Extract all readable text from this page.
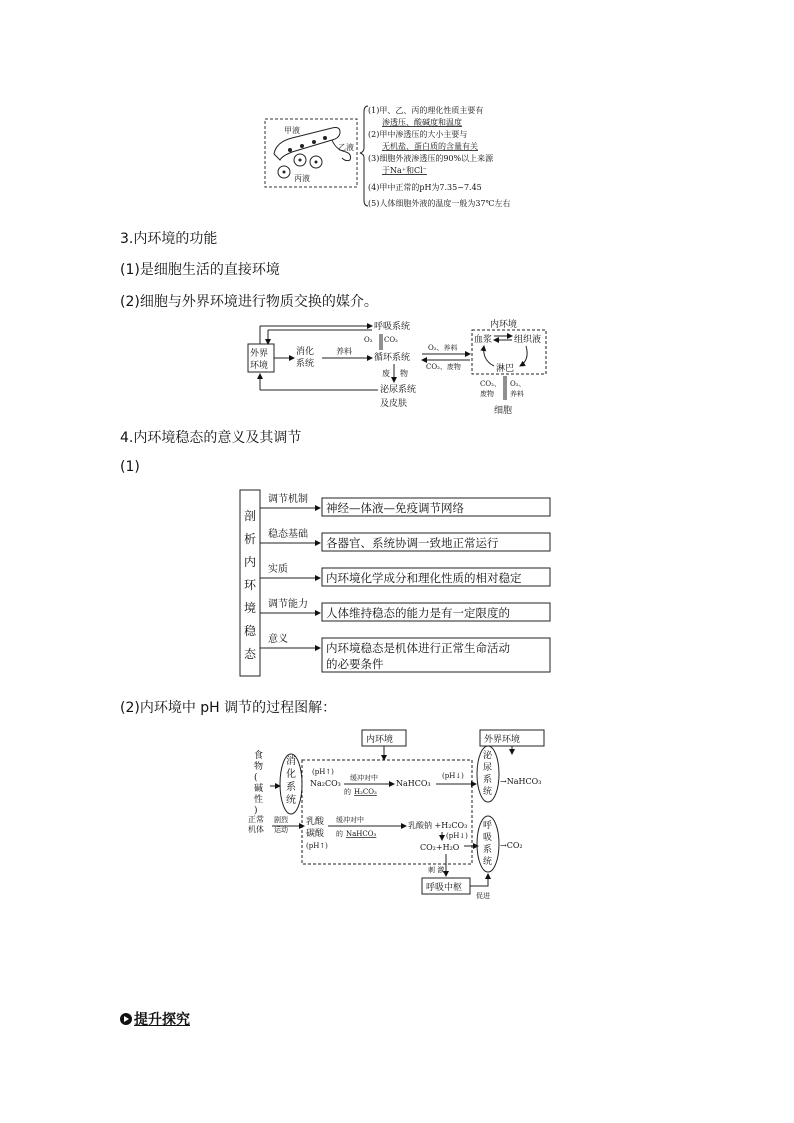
甲液
乙液
丙液
(1)甲、乙、丙的理化性质主要有
渗透压、酸碱度和温度
(2)甲中渗透压的大小主要与
无机盐、蛋白质的含量有关
(3)细胞外液渗透压的90%以上来源
于Na⁺和Cl⁻
(4)甲中正常的pH为7.35~7.45
(5)人体细胞外液的温度一般为37℃左右
3.内环境的功能
(1)是细胞生活的直接环境
(2)细胞与外界环境进行物质交换的媒介。
外界
环境
消化
系统
养料
呼吸系统
O₂ CO₂
循环系统
O₂、养料
CO₂、废物
废 物
泌尿系统
及皮肤
内环境
血浆 组织液
淋巴
CO₂、
废物
O₂、
养料
细胞
4.内环境稳态的意义及其调节
(1)
剖
析
内
环
境
稳
态
调节机制
神经—体液—免疫调节网络
稳态基础
各器官、系统协调一致地正常运行
实质
内环境化学成分和理化性质的相对稳定
调节能力
人体维持稳态的能力是有一定限度的
意义
内环境稳态是机体进行正常生命活动
的必要条件
(2)内环境中 pH 调节的过程图解：
内环境	外界环境
食
物
(
碱
性
)
消
化
系
统
(pH↑)
Na₂CO₃
缓冲对中
的 H₂CO₃
NaHCO₃
(pH↓)
泌
尿
系
统
→NaHCO₃
正常
机体
剧烈
运动
乳酸
碳酸
(pH↑)
缓冲对中
的 NaHCO₃
乳酸钠 +H₂CO₃
(pH↓)
CO₂+H₂O
呼
吸
系
统
→CO₂
刺 激
呼吸中枢
促进
提升探究
